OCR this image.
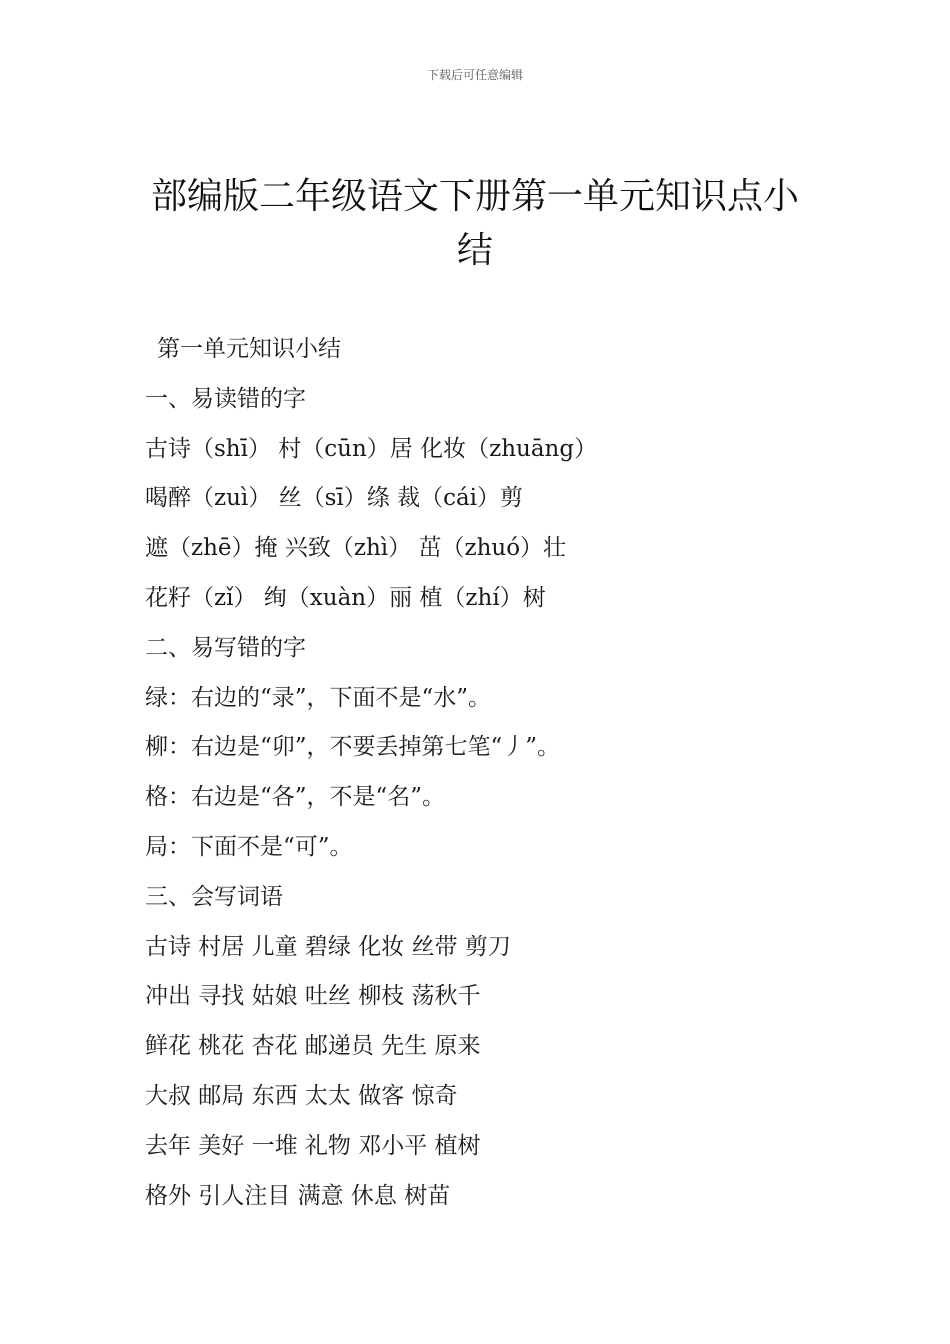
下载后可任意编辑
部编版二年级语文下册第一单元知识点小结
第一单元知识小结
一、易读错的字
古诗（shī） 村（cūn）居 化妆（zhuāng）
喝醉（zuì） 丝（sī）绦 裁（cái）剪
遮（zhē）掩 兴致（zhì） 茁（zhuó）壮
花籽（zǐ） 绚（xuàn）丽 植（zhí）树
二、易写错的字
绿：右边的“录”，下面不是“水”。
柳：右边是“卯”，不要丢掉第七笔“丿”。
格：右边是“各”，不是“名”。
局：下面不是“可”。
三、会写词语
古诗 村居 儿童 碧绿 化妆 丝带 剪刀
冲出 寻找 姑娘 吐丝 柳枝 荡秋千
鲜花 桃花 杏花 邮递员 先生 原来
大叔 邮局 东西 太太 做客 惊奇
去年 美好 一堆 礼物 邓小平 植树
格外 引人注目 满意 休息 树苗
